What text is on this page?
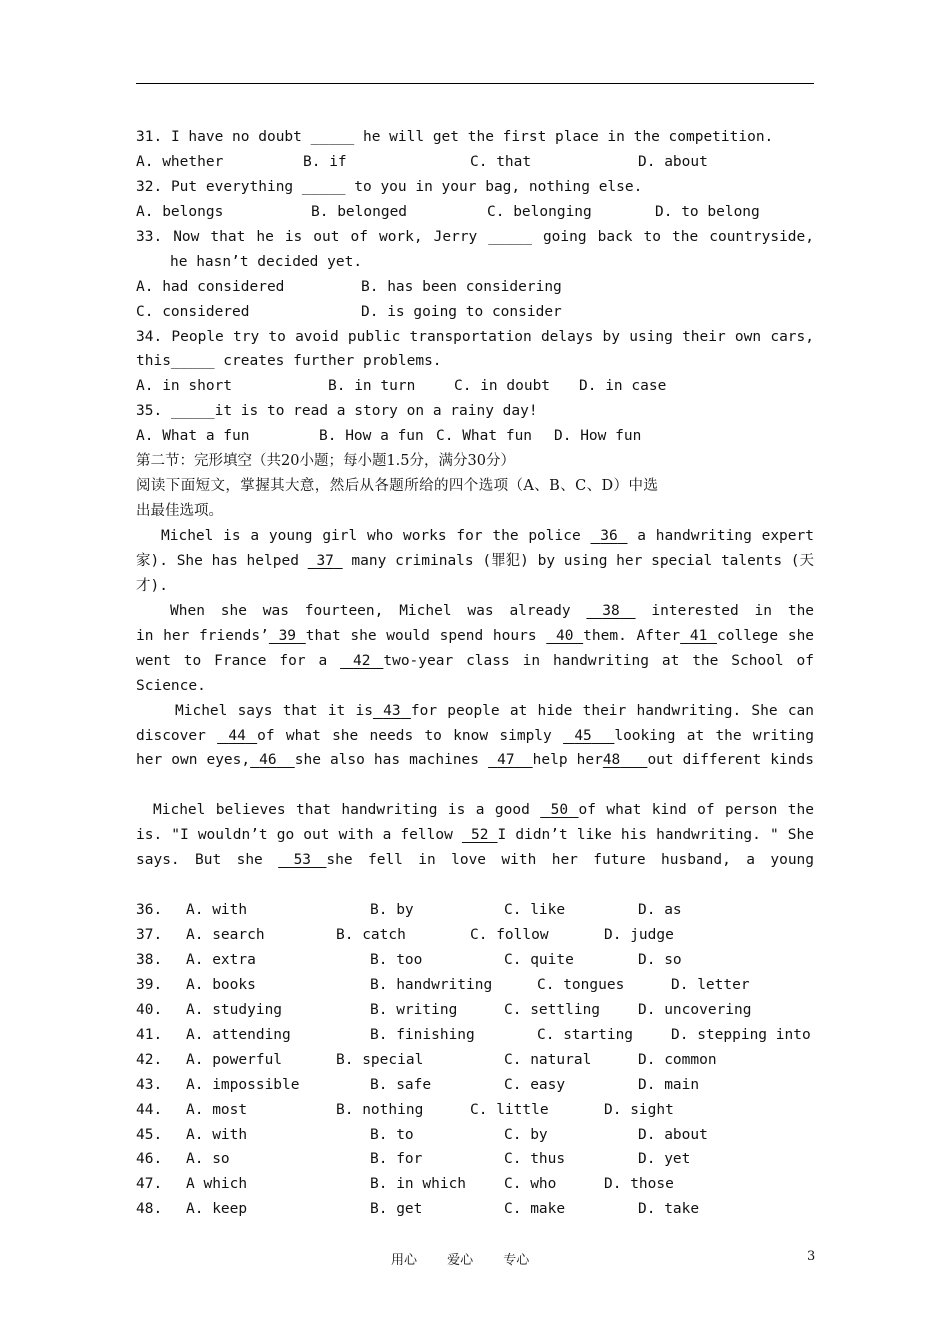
31. I have no doubt _____ he will get the first place in the competition.
A. whether	B. if	C. that	D. about
32. Put everything _____ to you in your bag, nothing else.
A. belongs	B. belonged	C. belonging	D. to belong
33. Now that he is out of work, Jerry _____ going back to the countryside,
he hasn’t decided yet.
A. had considered	B. has been considering
C. considered	D. is going to consider
34. People try to avoid public transportation delays by using their own cars,
this_____ creates further problems.
A. in short	B. in turn	C. in doubt D. in case
35. _____it is to read a story on a rainy day!
A. What a fun	B. How a fun C. What fun D. How fun
第二节：完形填空（共20小题；每小题1.5分，满分30分）
阅读下面短文，掌握其大意，然后从各题所给的四个选项（A、B、C、D）中选
出最佳选项。
Michel is a young girl who works for the police 36 a handwriting expert
家). She has helped 37 many criminals (罪犯) by using her special talents (天
才).
When she was fourteen, Michel was already 38 interested in the
in her friends’ 39 that she would spend hours 40 them. After 41 college she
went to France for a 42 two-year class in handwriting at the School of
Science.
Michel says that it is 43 for people at hide their handwriting. She can
discover 44 of what she needs to know simply 45 looking at the writing
her own eyes, 46 she also has machines 47 help her48 out different kinds

Michel believes that handwriting is a good 50 of what kind of person the
is. "I wouldn’t go out with a fellow 52 I didn’t like his handwriting. " She
says. But she 53 she fell in love with her future husband, a young

36. A. with	B. by	C. like	D. as
37. A. search	B. catch	C. follow	D. judge
38. A. extra	B. too	C. quite	D. so
39. A. books	B. handwriting	C. tongues	D. letter
40. A. studying	B. writing	C. settling	D. uncovering
41. A. attending	B. finishing	C. starting	D. stepping into
42. A. powerful	B. special	C. natural	D. common
43. A. impossible	B. safe	C. easy	D. main
44. A. most	B. nothing	C. little	D. sight
45. A. with	B. to	C. by	D. about
46. A. so	B. for	C. thus	D. yet
47. A which	B. in which	C. who	D. those
48. A. keep	B. get	C. make	D. take
用心 爱心 专心	3
